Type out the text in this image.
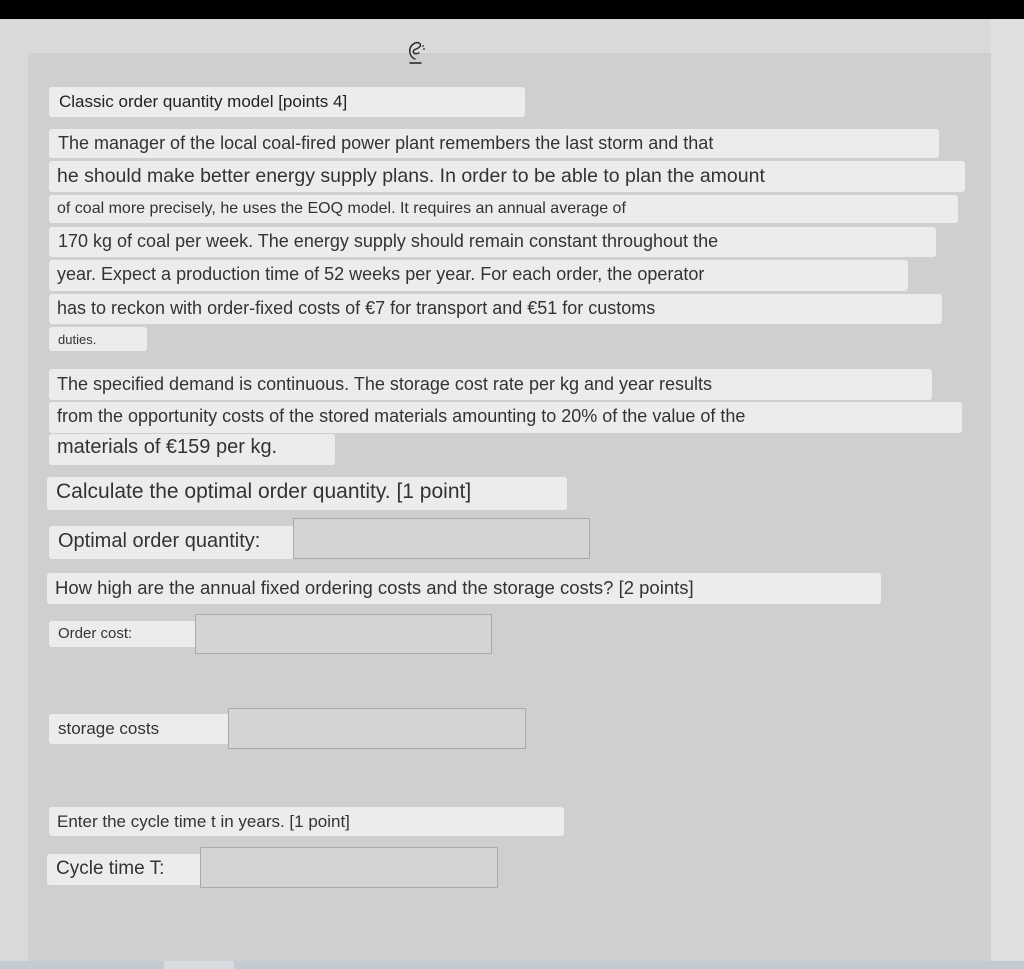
Classic order quantity model [points 4]
The manager of the local coal-fired power plant remembers the last storm and that
he should make better energy supply plans. In order to be able to plan the amount
of coal more precisely, he uses the EOQ model. It requires an annual average of
170 kg of coal per week. The energy supply should remain constant throughout the
year. Expect a production time of 52 weeks per year. For each order, the operator
has to reckon with order-fixed costs of €7 for transport and €51 for customs
duties.
The specified demand is continuous. The storage cost rate per kg and year results
from the opportunity costs of the stored materials amounting to 20% of the value of the
materials of €159 per kg.
Calculate the optimal order quantity. [1 point]
Optimal order quantity:
How high are the annual fixed ordering costs and the storage costs? [2 points]
Order cost:
storage costs
Enter the cycle time t in years. [1 point]
Cycle time T:
